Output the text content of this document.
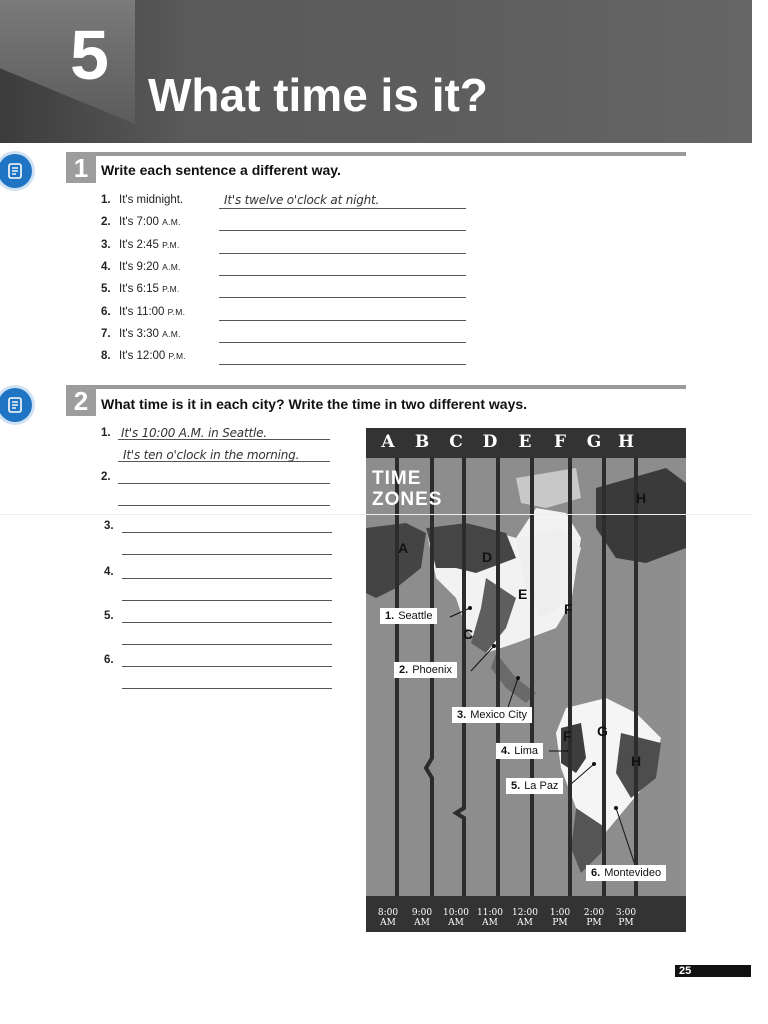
5
What time is it?
1 Write each sentence a different way.
1. It's midnight.	It's twelve o'clock at night.
2. It's 7:00 A.M.
3. It's 2:45 P.M.
4. It's 9:20 A.M.
5. It's 6:15 P.M.
6. It's 11:00 P.M.
7. It's 3:30 A.M.
8. It's 12:00 P.M.
2 What time is it in each city? Write the time in two different ways.
1. It's 10:00 A.M. in Seattle.
It's ten o'clock in the morning.
2.
3.
4.
5.
6.
A	B	C	D	E	F	G H
8:00
AM
9:00
AM
10:00
AM
11:00
AM
12:00
AM
1:00
PM
2:00
PM
3:00
PM
TIME
ZONES	H
A
D
E
F
C
F G
H
1. Seattle
2. Phoenix
3. Mexico City
4. Lima
5. La Paz
6. Montevideo
25
